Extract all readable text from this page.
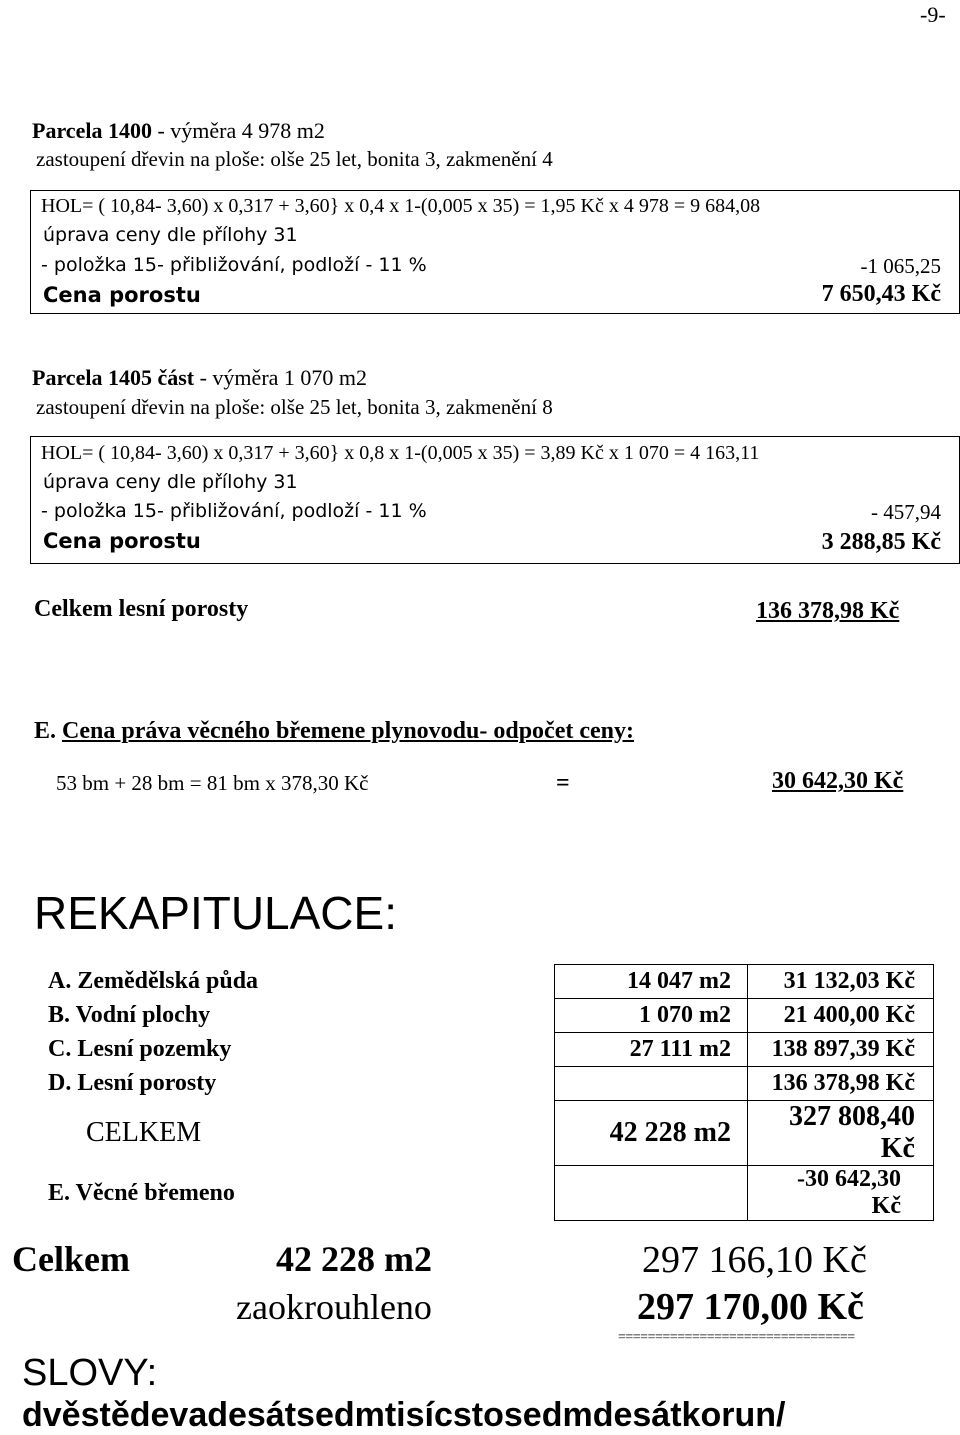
-9-
Parcela 1400 - výměra 4 978 m2
zastoupení dřevin na ploše: olše 25 let, bonita 3, zakmenění 4
HOL= ( 10,84- 3,60) x 0,317 + 3,60} x 0,4 x 1-(0,005 x 35) = 1,95 Kč x 4 978 = 9 684,08
úprava ceny dle přílohy 31
- položka 15- přibližování, podloží - 11 %	-1 065,25
Cena porostu	7 650,43 Kč
Parcela 1405 část - výměra 1 070 m2
zastoupení dřevin na ploše: olše 25 let, bonita 3, zakmenění 8
HOL= ( 10,84- 3,60) x 0,317 + 3,60} x 0,8 x 1-(0,005 x 35) = 3,89 Kč x 1 070 = 4 163,11
úprava ceny dle přílohy 31
- položka 15- přibližování, podloží - 11 %	- 457,94
Cena porostu	3 288,85 Kč
Celkem lesní porosty	136 378,98 Kč
E. Cena práva věcného břemene plynovodu- odpočet ceny:
53 bm + 28 bm = 81 bm x 378,30 Kč	=	30 642,30 Kč
REKAPITULACE:
A. Zemědělská půda	14 047 m2	31 132,03 Kč
B. Vodní plochy	1 070 m2	21 400,00 Kč
C. Lesní pozemky	27 111 m2	138 897,39 Kč
D. Lesní porosty		136 378,98 Kč
CELKEM	42 228 m2	327 808,40 Kč
E. Věcné břemeno		-30 642,30 Kč
Celkem	42 228 m2	297 166,10 Kč
zaokrouhleno	297 170,00 Kč
================================
SLOVY:
dvěstědevadesátsedmtisícstosedmdesátkorun/
